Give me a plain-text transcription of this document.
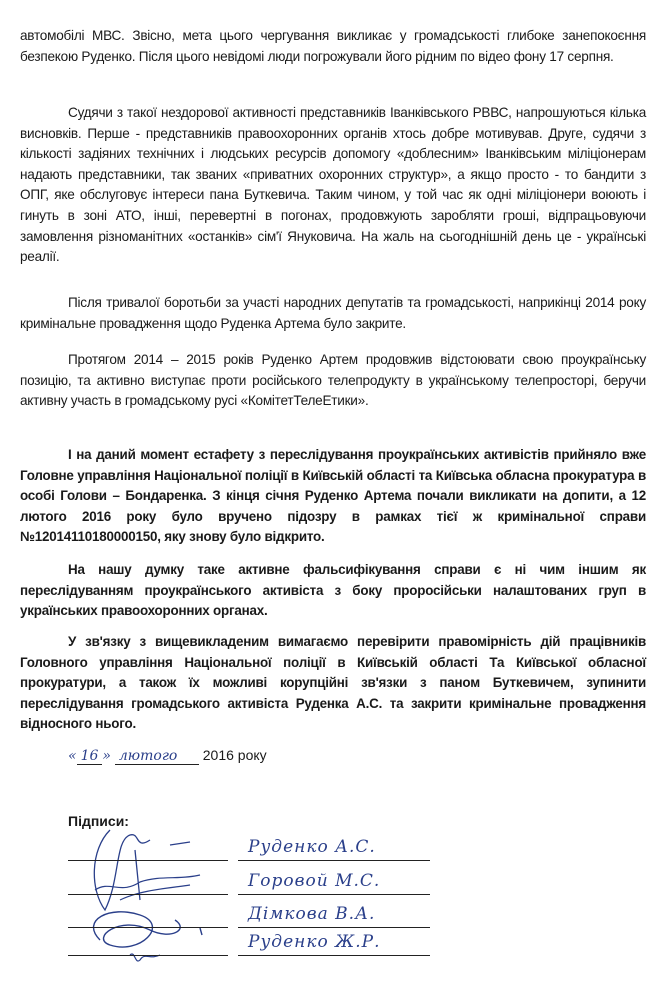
автомобілі МВС. Звісно, мета цього чергування викликає у громадськості глибоке занепокоєння безпекою Руденко. Після цього невідомі люди погрожували його рідним по відео фону 17 серпня.

Судячи з такої нездорової активності представників Іванківського РВВС, напрошуються кілька висновків. Перше - представників правоохоронних органів хтось добре мотивував. Друге, судячи з кількості задіяних технічних і людських ресурсів допомогу «доблесним» Іванківським міліціонерам надають представники, так званих «приватних охоронних структур», а якщо просто - то бандити з ОПГ, яке обслуговує інтереси пана Буткевича. Таким чином, у той час як одні міліціонери воюють і гинуть в зоні АТО, інші, перевертні в погонах, продовжують заробляти гроші, відпрацьовуючи замовлення різноманітних «останків» сім'ї Януковича. На жаль на сьогоднішній день це - українські реалії.

Після тривалої боротьби за участі народних депутатів та громадськості, наприкінці 2014 року кримінальне провадження щодо Руденка Артема було закрите.

Протягом 2014 – 2015 років Руденко Артем продовжив відстоювати свою проукраїнську позицію, та активно виступає проти російського телепродукту в українському телепросторі, беручи активну участь в громадському русі «КомітетТелеЕтики».

І на даний момент естафету з переслідування проукраїнських активістів прийняло вже Головне управління Національної поліції в Київській області та Київська обласна прокуратура в особі Голови – Бондаренка. З кінця січня Руденко Артема почали викликати на допити, а 12 лютого 2016 року було вручено підозру в рамках тієї ж кримінальної справи №12014110180000150, яку знову було відкрито.

На нашу думку таке активне фальсифікування справи є ні чим іншим як переслідуванням проукраїнського активіста з боку проросійськи налаштованих груп в українських правоохоронних органах.

У зв'язку з вищевикладеним вимагаємо перевірити правомірність дій працівників Головного управління Національної поліції в Київській області Та Київської обласної прокуратури, а також їх можливі корупційні зв'язки з паном Буткевичем, зупинити переслідування громадського активіста Руденка А.С. та закрити кримінальне провадження відносного нього.

« 16 » лютого 2016 року
Підписи:
Руденко А.С.
Горовой М.С.
Дімкова В.А.
Руденко Ж.Р.
